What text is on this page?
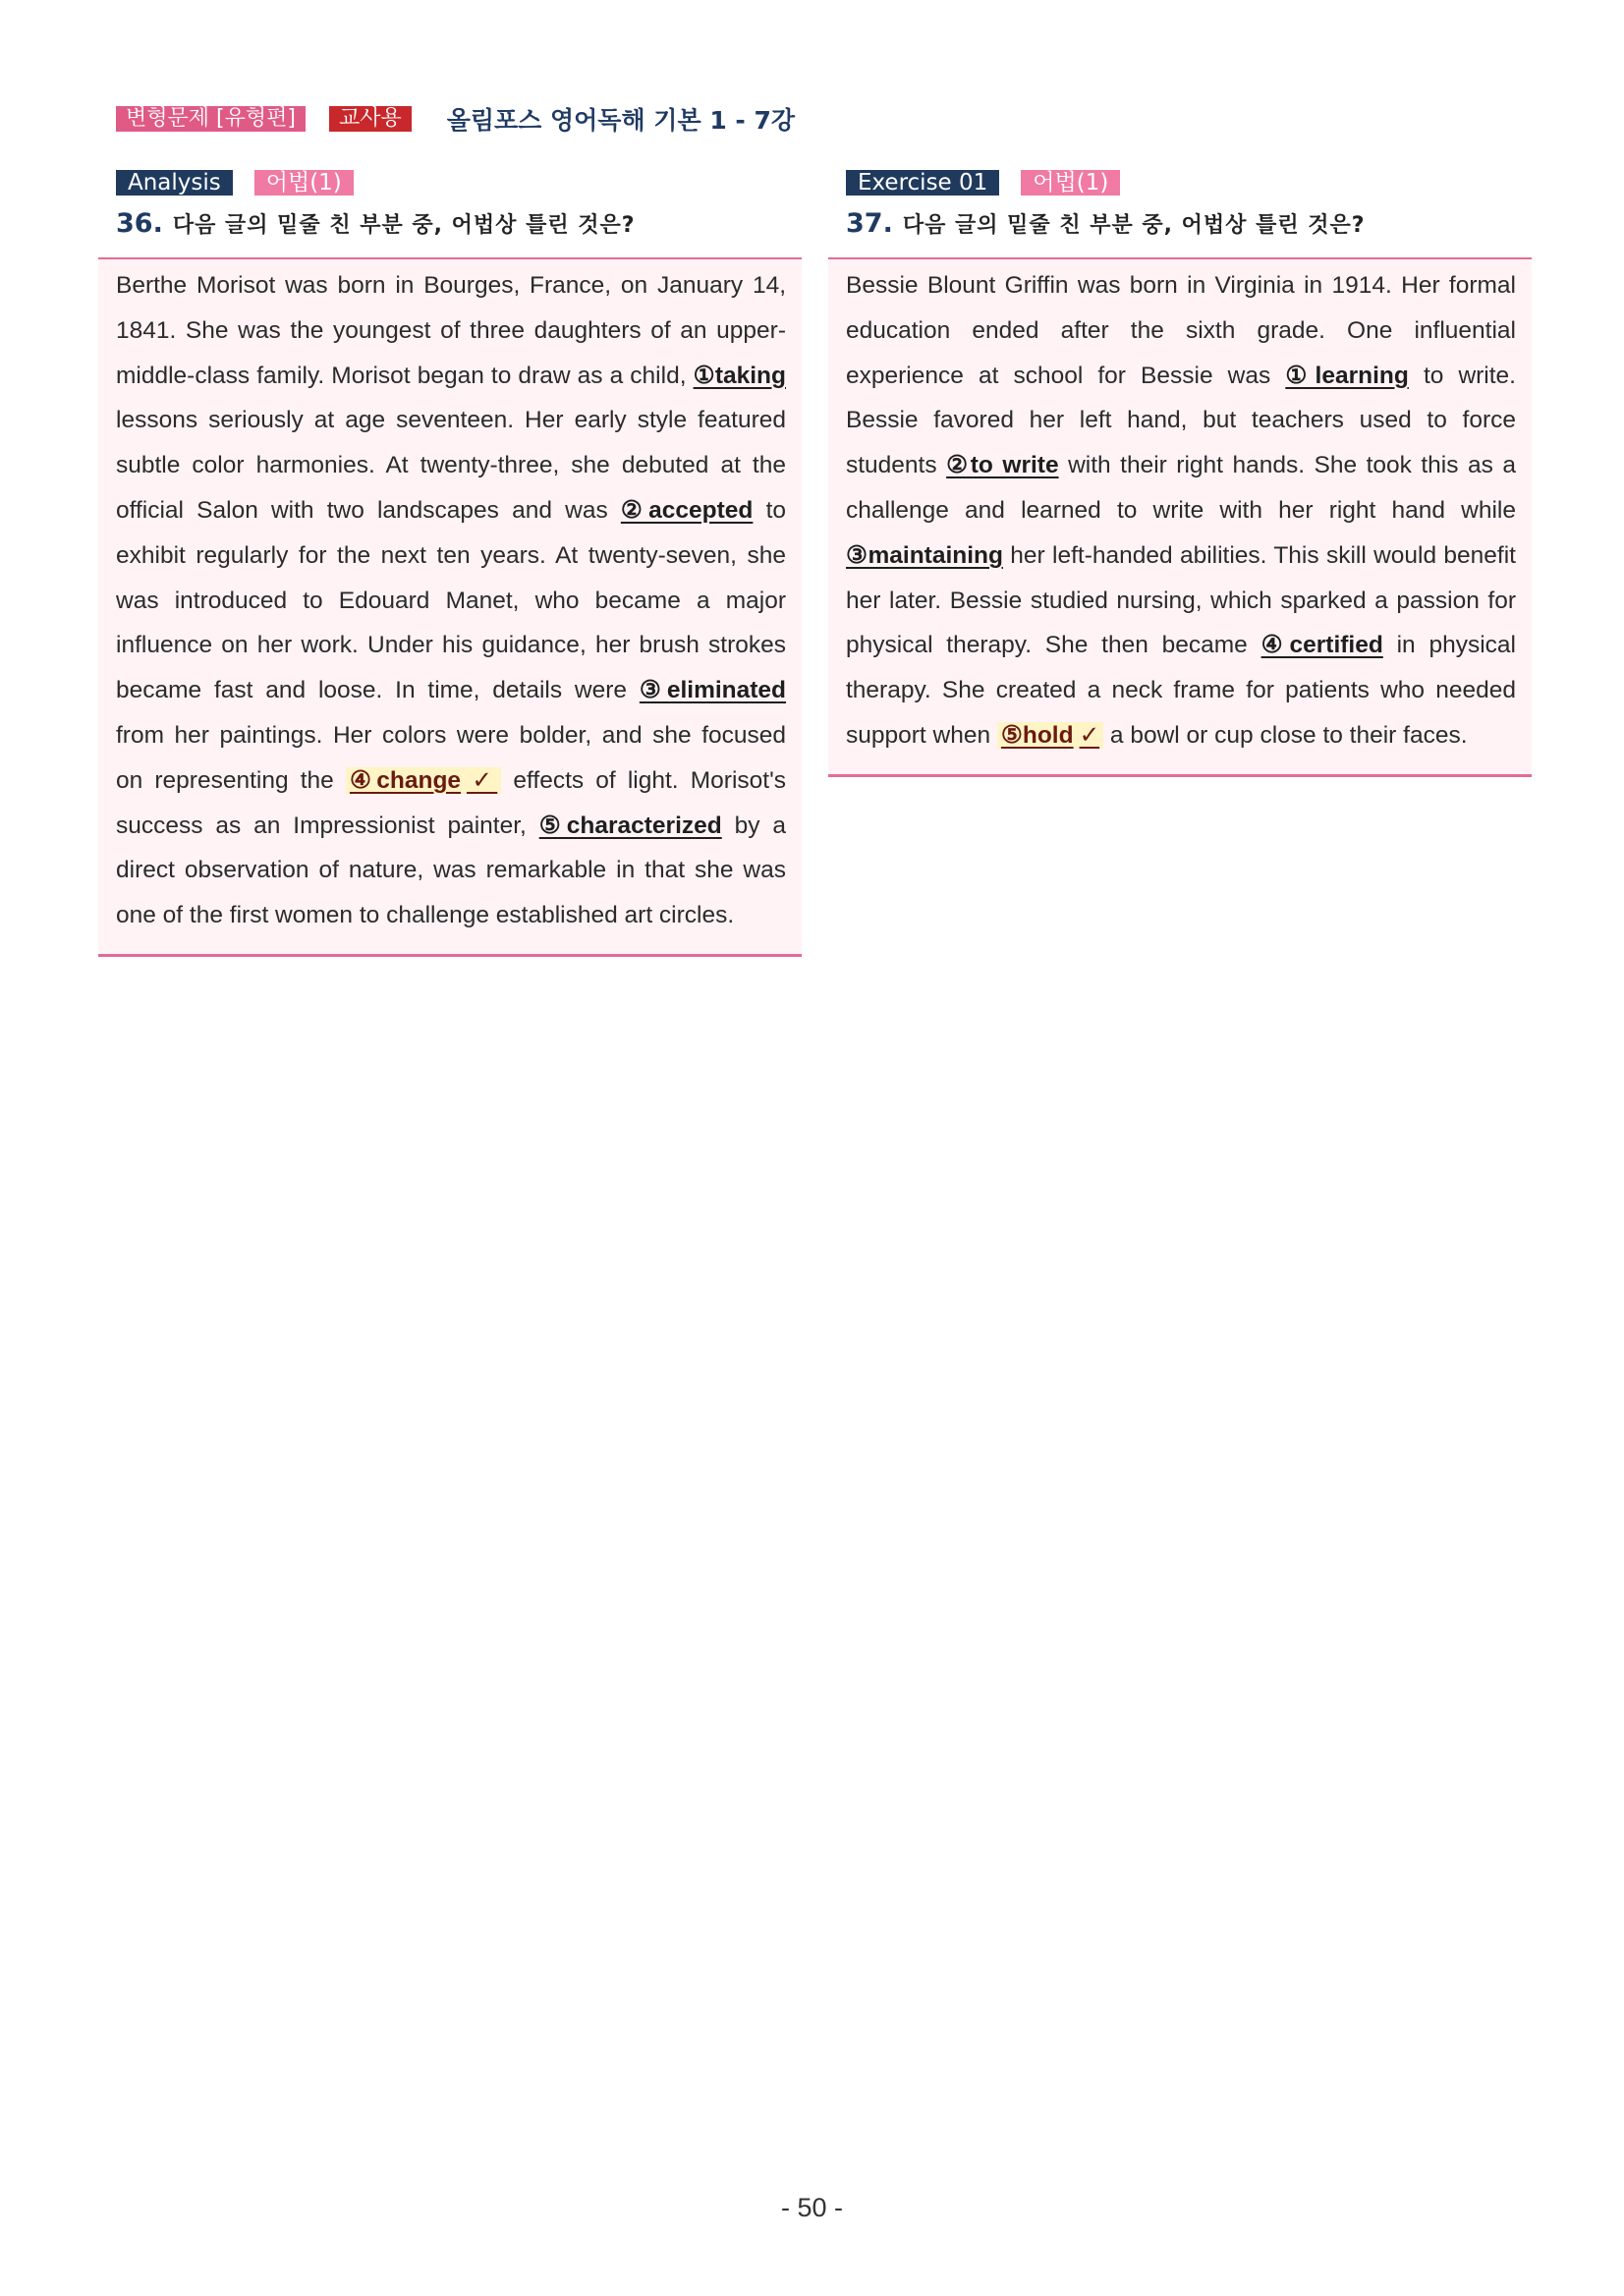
변형문제 [유형편]	교사용	올림포스 영어독해 기본 1 - 7강
Analysis	어법(1)
36. 다음 글의 밑줄 친 부분 중, 어법상 틀린 것은?
Berthe Morisot was born in Bourges, France, on January 14, 1841. She was the youngest of three daughters of an upper-middle-class family. Morisot began to draw as a child, ①taking lessons seriously at age seventeen. Her early style featured subtle color harmonies. At twenty-three, she debuted at the official Salon with two landscapes and was ②accepted to exhibit regularly for the next ten years. At twenty-seven, she was introduced to Edouard Manet, who became a major influence on her work. Under his guidance, her brush strokes became fast and loose. In time, details were ③eliminated from her paintings. Her colors were bolder, and she focused on representing the ④change ✓ effects of light. Morisot's success as an Impressionist painter, ⑤characterized by a direct observation of nature, was remarkable in that she was one of the first women to challenge established art circles.
Exercise 01	어법(1)
37. 다음 글의 밑줄 친 부분 중, 어법상 틀린 것은?
Bessie Blount Griffin was born in Virginia in 1914. Her formal education ended after the sixth grade. One influential experience at school for Bessie was ①learning to write. Bessie favored her left hand, but teachers used to force students ②to write with their right hands. She took this as a challenge and learned to write with her right hand while ③maintaining her left-handed abilities. This skill would benefit her later. Bessie studied nursing, which sparked a passion for physical therapy. She then became ④certified in physical therapy. She created a neck frame for patients who needed support when ⑤hold ✓ a bowl or cup close to their faces.
- 50 -
